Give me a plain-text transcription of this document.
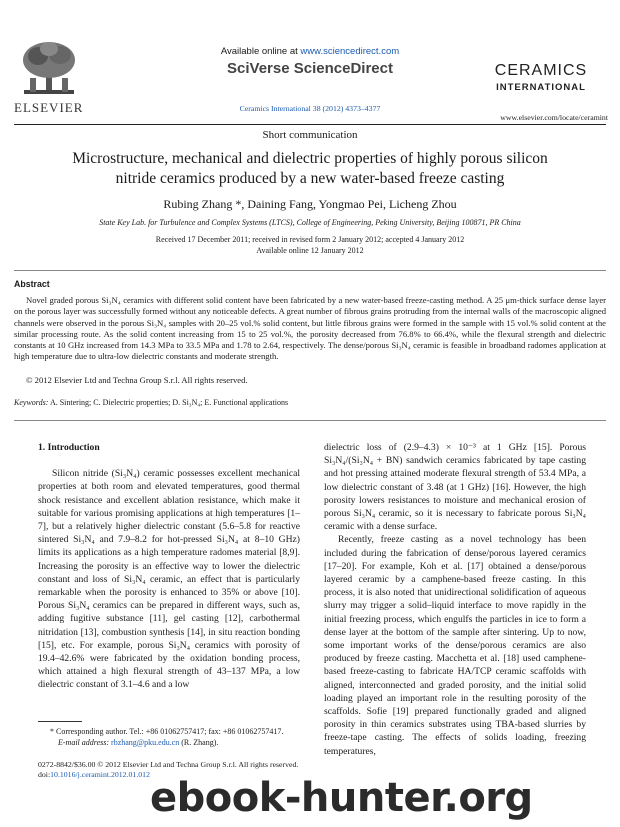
ELSEVIER
Available online at www.sciencedirect.com
SciVerse ScienceDirect
Ceramics International 38 (2012) 4373–4377
CERAMICS
INTERNATIONAL
www.elsevier.com/locate/ceramint
Short communication
Microstructure, mechanical and dielectric properties of highly porous silicon
nitride ceramics produced by a new water-based freeze casting
Rubing Zhang *, Daining Fang, Yongmao Pei, Licheng Zhou
State Key Lab. for Turbulence and Complex Systems (LTCS), College of Engineering, Peking University, Beijing 100871, PR China
Received 17 December 2011; received in revised form 2 January 2012; accepted 4 January 2012
Available online 12 January 2012
Abstract
Novel graded porous Si₃N₄ ceramics with different solid content have been fabricated by a new water-based freeze-casting method. A 25 μm-thick surface dense layer on the porous layer was successfully formed without any noticeable defects. A great number of fibrous grains protruding from the internal walls of the macroscopic aligned channels were observed in the porous Si₃N₄ samples with 20–25 vol.% solid content, but little fibrous grains were formed in the sample with 15 vol.% solid content at the similar processing route. As the solid content increasing from 15 to 25 vol.%, the porosity decreased from 76.8% to 66.4%, while the flexural strength and dielectric constants at 10 GHz increased from 14.3 MPa to 33.5 MPa and 1.78 to 2.64, respectively. The dense/porous Si₃N₄ ceramic is feasible in broadband radomes application at high temperature due to ultra-low dielectric constants and moderate strength.
© 2012 Elsevier Ltd and Techna Group S.r.l. All rights reserved.
Keywords: A. Sintering; C. Dielectric properties; D. Si₃N₄; E. Functional applications
1. Introduction

Silicon nitride (Si₃N₄) ceramic possesses excellent mechanical properties at both room and elevated temperatures, good thermal shock resistance and excellent ablation resistance, which make it suitable for various promising applications at high temperatures [1–7], but a relatively higher dielectric constant (5.6–5.8 for reactive sintered Si₃N₄ and 7.9–8.2 for hot-pressed Si₃N₄ at 8–10 GHz) limits its applications as a high temperature radomes material [8,9]. Increasing the porosity is an effective way to lower the dielectric constant and loss of Si₃N₄ ceramic, an effect that is particularly remarkable when the porosity is enhanced to 35% or above [10]. Porous Si₃N₄ ceramics can be prepared in different ways, such as, adding fugitive substance [11], gel casting [12], carbothermal nitridation [13], combustion synthesis [14], in situ reaction bonding [15], etc. For example, porous Si₃N₄ ceramics with porosity of 19.4–42.6% were fabricated by the oxidation bonding process, which attained a high flexural strength of 43–137 MPa, a low dielectric constant of 3.1–4.6 and a low

dielectric loss of (2.9–4.3) × 10⁻³ at 1 GHz [15]. Porous Si₃N₄/(Si₃N₄ + BN) sandwich ceramics fabricated by tape casting and hot pressing attained moderate flexural strength of 53.4 MPa, a low dielectric constant of 3.48 (at 1 GHz) [16]. However, the high porosity lowers resistances to moisture and mechanical erosion of porous Si₃N₄ ceramic, so it is necessary to fabricate porous Si₃N₄ ceramic with a dense surface.

Recently, freeze casting as a novel technology has been included during the fabrication of dense/porous layered ceramics [17–20]. For example, Koh et al. [17] obtained a dense/porous layered ceramic by a camphene-based freeze casting. In this process, it is also noted that unidirectional solidification of aqueous slurry may trigger a solid–liquid interface to move rapidly in the initial freezing process, which engulfs the particles in ice to form a dense layer at the bottom of the sample after sintering. Up to now, some important works of the dense/porous ceramics are also produced by freeze casting. Macchetta et al. [18] used camphene-based freeze-casting to fabricate HA/TCP ceramic scaffolds with aligned, interconnected and graded porosity, and the initial solid loading played an important role in the resulting porosity of the scaffolds. Sofie [19] prepared functionally graded and aligned porosity in thin ceramics substrates using TBA-based slurries by freeze-tape casting. The effects of solids loading, freezing temperatures,

* Corresponding author. Tel.: +86 01062757417; fax: +86 01062757417.
E-mail address: rbzhang@pku.edu.cn (R. Zhang).
0272-8842/$36.00 © 2012 Elsevier Ltd and Techna Group S.r.l. All rights reserved.
doi:10.1016/j.ceramint.2012.01.012
ebook-hunter.org
